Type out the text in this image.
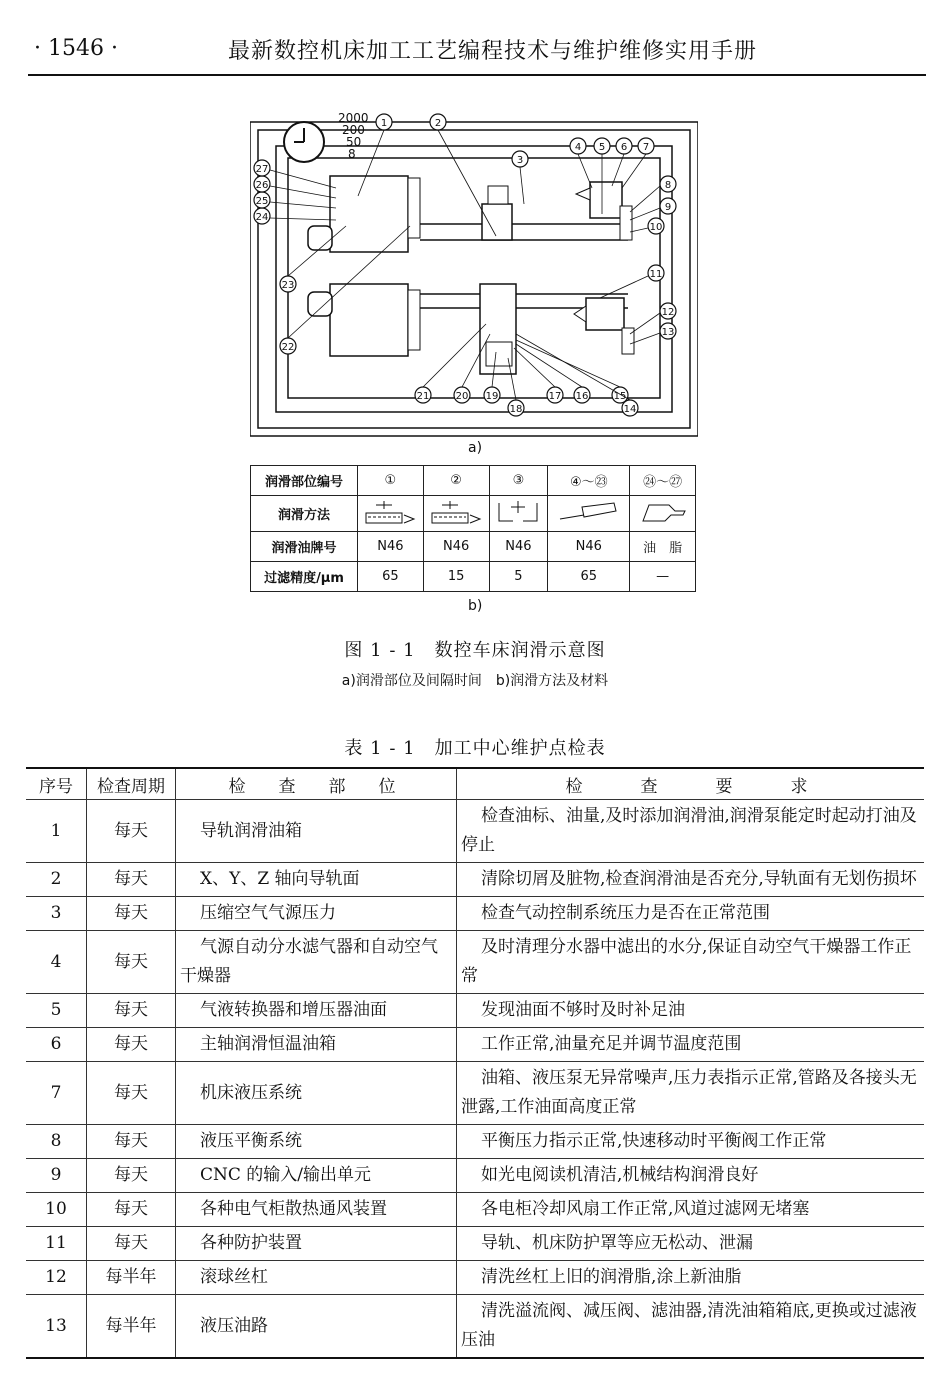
· 1546 ·	最新数控机床加工工艺编程技术与维护维修实用手册
2000
200
50
8
1	2
3
4 5 6 7
8
9
10
11
12
13
14
15
16
17
18
19
20
21
22
23
24
25
26
27
a)
润滑部位编号	①	②	③	④～㉓	㉔～㉗
润滑方法					
润滑油牌号	N46	N46	N46	N46	油　脂
过滤精度/μm	65	15	5	65	—
b)
图 1 - 1　数控车床润滑示意图
a)润滑部位及间隔时间　b)润滑方法及材料
表 1 - 1　加工中心维护点检表
序号	检查周期	检　查　部　位	检　　查　　要　　求
1	每天	导轨润滑油箱	检查油标、油量,及时添加润滑油,润滑泵能定时起动打油及停止
2	每天	X、Y、Z 轴向导轨面	清除切屑及脏物,检查润滑油是否充分,导轨面有无划伤损坏
3	每天	压缩空气气源压力	检查气动控制系统压力是否在正常范围
4	每天	气源自动分水滤气器和自动空气干燥器	及时清理分水器中滤出的水分,保证自动空气干燥器工作正常
5	每天	气液转换器和增压器油面	发现油面不够时及时补足油
6	每天	主轴润滑恒温油箱	工作正常,油量充足并调节温度范围
7	每天	机床液压系统	油箱、液压泵无异常噪声,压力表指示正常,管路及各接头无泄露,工作油面高度正常
8	每天	液压平衡系统	平衡压力指示正常,快速移动时平衡阀工作正常
9	每天	CNC 的输入/输出单元	如光电阅读机清洁,机械结构润滑良好
10	每天	各种电气柜散热通风装置	各电柜冷却风扇工作正常,风道过滤网无堵塞
11	每天	各种防护装置	导轨、机床防护罩等应无松动、泄漏
12	每半年	滚球丝杠	清洗丝杠上旧的润滑脂,涂上新油脂
13	每半年	液压油路	清洗溢流阀、减压阀、滤油器,清洗油箱箱底,更换或过滤液压油
